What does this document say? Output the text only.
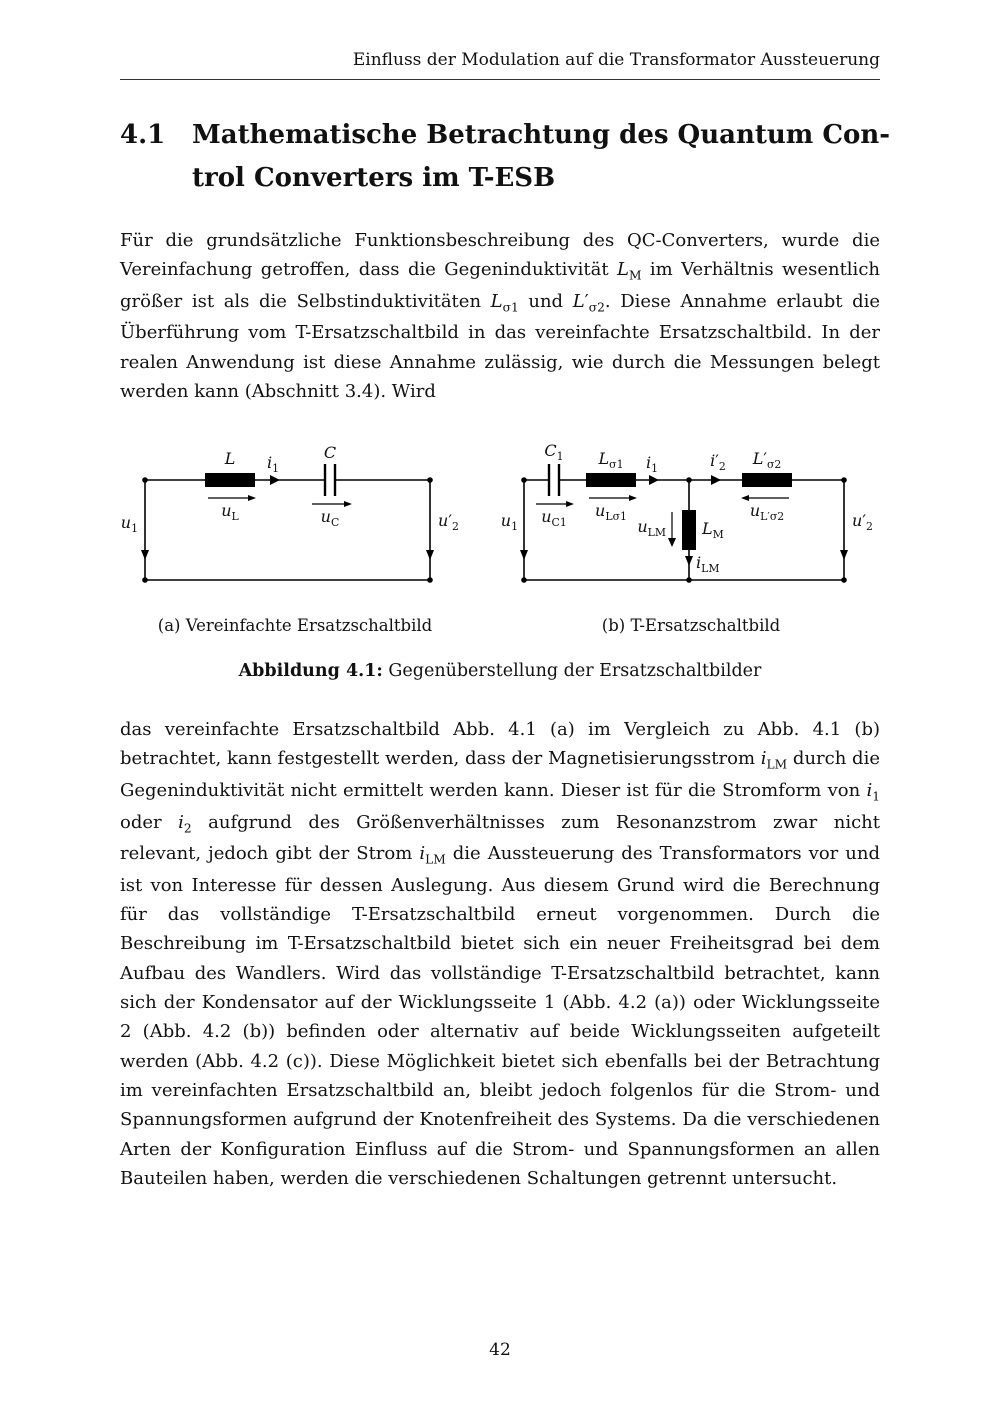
Einfluss der Modulation auf die Transformator Aussteuerung
4.1	Mathematische Betrachtung des Quantum Con-
trol Converters im T-ESB

Für die grundsätzliche Funktionsbeschreibung des QC-Converters, wurde die Vereinfachung getroffen, dass die Gegeninduktivität $L_M$ im Verhältnis wesentlich größer ist als die Selbstinduktivitäten $L_{\sigma 1}$ und $L'_{\sigma 2}$. Diese Annahme erlaubt die Überführung vom T-Ersatzschaltbild in das vereinfachte Ersatzschaltbild. In der realen Anwendung ist diese Annahme zulässig, wie durch die Messungen belegt werden kann (Abschnitt 3.4). Wird

L $i_1$
C
$u_L$	$u_C$
$u_1$	$u'_2$
(a) Vereinfachte Ersatzschaltbild
$C_1$ $L_{\sigma 1}$ $i_1$	$i'_2$ $L'_{\sigma 2}$
$u_{C1}$
$u_{L\sigma 1}$	$u_{L'\sigma 2}$
$u_{LM}$ $L_M$
$i_{LM}$
$u_1$	$u'_2$
(b) T-Ersatzschaltbild
Abbildung 4.1: Gegenüberstellung der Ersatzschaltbilder

das vereinfachte Ersatzschaltbild Abb. 4.1 (a) im Vergleich zu Abb. 4.1 (b) betrachtet, kann festgestellt werden, dass der Magnetisierungsstrom $i_{LM}$ durch die Gegeninduktivität nicht ermittelt werden kann. Dieser ist für die Stromform von $i_1$ oder $i_2$ aufgrund des Größenverhältnisses zum Resonanzstrom zwar nicht relevant, jedoch gibt der Strom $i_{LM}$ die Aussteuerung des Transformators vor und ist von Interesse für dessen Auslegung. Aus diesem Grund wird die Berechnung für das vollständige T-Ersatzschaltbild erneut vorgenommen. Durch die Beschreibung im T-Ersatzschaltbild bietet sich ein neuer Freiheitsgrad bei dem Aufbau des Wandlers. Wird das vollständige T-Ersatzschaltbild betrachtet, kann sich der Kondensator auf der Wicklungsseite 1 (Abb. 4.2 (a)) oder Wicklungsseite 2 (Abb. 4.2 (b)) befinden oder alternativ auf beide Wicklungsseiten aufgeteilt werden (Abb. 4.2 (c)). Diese Möglichkeit bietet sich ebenfalls bei der Betrachtung im vereinfachten Ersatzschaltbild an, bleibt jedoch folgenlos für die Strom- und Spannungsformen aufgrund der Knotenfreiheit des Systems. Da die verschiedenen Arten der Konfiguration Einfluss auf die Strom- und Spannungsformen an allen Bauteilen haben, werden die verschiedenen Schaltungen getrennt untersucht.

42
